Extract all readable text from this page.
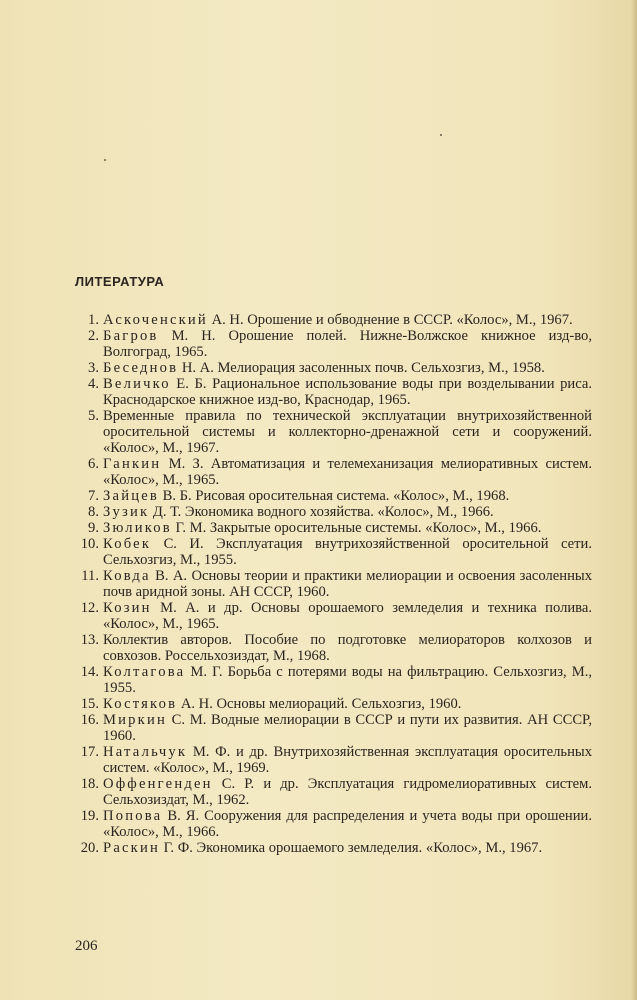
ЛИТЕРАТУРА
1. Аскоченский А. Н. Орошение и обводнение в СССР. «Колос», М., 1967.
2. Багров М. Н. Орошение полей. Нижне-Волжское книжное изд-во, Волгоград, 1965.
3. Беседнов Н. А. Мелиорация засоленных почв. Сельхозгиз, М., 1958.
4. Величко Е. Б. Рациональное использование воды при возделывании риса. Краснодарское книжное изд-во, Краснодар, 1965.
5. Временные правила по технической эксплуатации внутрихозяйственной оросительной системы и коллекторно-дренажной сети и сооружений. «Колос», М., 1967.
6. Ганкин М. З. Автоматизация и телемеханизация мелиоративных систем. «Колос», М., 1965.
7. Зайцев В. Б. Рисовая оросительная система. «Колос», М., 1968.
8. Зузик Д. Т. Экономика водного хозяйства. «Колос», М., 1966.
9. Зюликов Г. М. Закрытые оросительные системы. «Колос», М., 1966.
10. Кобек С. И. Эксплуатация внутрихозяйственной оросительной сети. Сельхозгиз, М., 1955.
11. Ковда В. А. Основы теории и практики мелиорации и освоения засоленных почв аридной зоны. АН СССР, 1960.
12. Козин М. А. и др. Основы орошаемого земледелия и техника полива. «Колос», М., 1965.
13. Коллектив авторов. Пособие по подготовке мелиораторов колхозов и совхозов. Россельхозиздат, М., 1968.
14. Колтагова М. Г. Борьба с потерями воды на фильтрацию. Сельхозгиз, М., 1955.
15. Костяков А. Н. Основы мелиораций. Сельхозгиз, 1960.
16. Миркин С. М. Водные мелиорации в СССР и пути их развития. АН СССР, 1960.
17. Натальчук М. Ф. и др. Внутрихозяйственная эксплуатация оросительных систем. «Колос», М., 1969.
18. Оффенгенден С. Р. и др. Эксплуатация гидромелиоративных систем. Сельхозиздат, М., 1962.
19. Попова В. Я. Сооружения для распределения и учета воды при орошении. «Колос», М., 1966.
20. Раскин Г. Ф. Экономика орошаемого земледелия. «Колос», М., 1967.
206
